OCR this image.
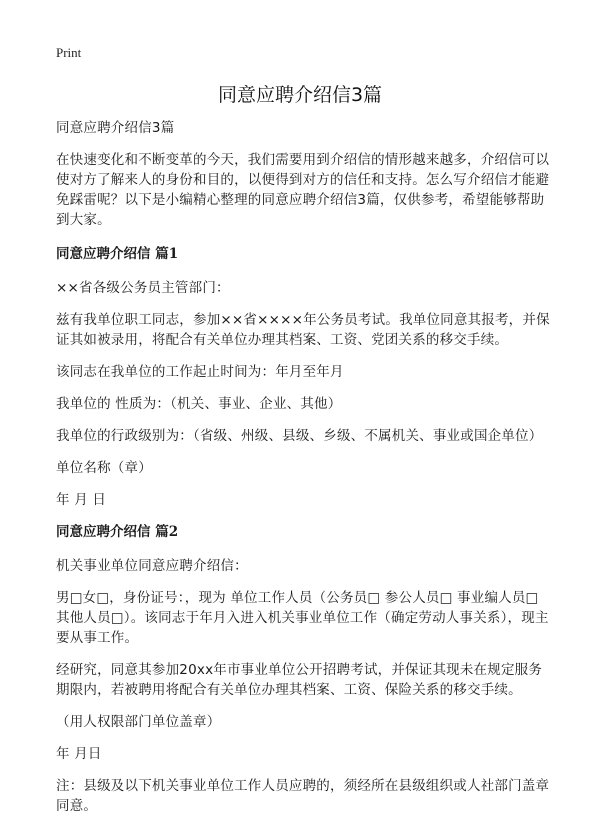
Print
同意应聘介绍信3篇

同意应聘介绍信3篇

在快速变化和不断变革的今天，我们需要用到介绍信的情形越来越多，介绍信可以使对方了解来人的身份和目的，以便得到对方的信任和支持。怎么写介绍信才能避免踩雷呢？以下是小编精心整理的同意应聘介绍信3篇，仅供参考，希望能够帮助到大家。

同意应聘介绍信 篇1

××省各级公务员主管部门：

兹有我单位职工同志，参加××省××××年公务员考试。我单位同意其报考，并保证其如被录用，将配合有关单位办理其档案、工资、党团关系的移交手续。

该同志在我单位的工作起止时间为：年月至年月

我单位的 性质为：（机关、事业、企业、其他）

我单位的行政级别为：（省级、州级、县级、乡级、不属机关、事业或国企单位）

单位名称（章）

年 月 日

同意应聘介绍信 篇2

机关事业单位同意应聘介绍信：

男□女□，身份证号：，现为 单位工作人员（公务员□ 参公人员□ 事业编人员□ 其他人员□）。该同志于年月入进入机关事业单位工作（确定劳动人事关系），现主要从事工作。

经研究，同意其参加20xx年市事业单位公开招聘考试，并保证其现未在规定服务期限内，若被聘用将配合有关单位办理其档案、工资、保险关系的移交手续。

（用人权限部门单位盖章）

年 月日

注：县级及以下机关事业单位工作人员应聘的，须经所在县级组织或人社部门盖章同意。
